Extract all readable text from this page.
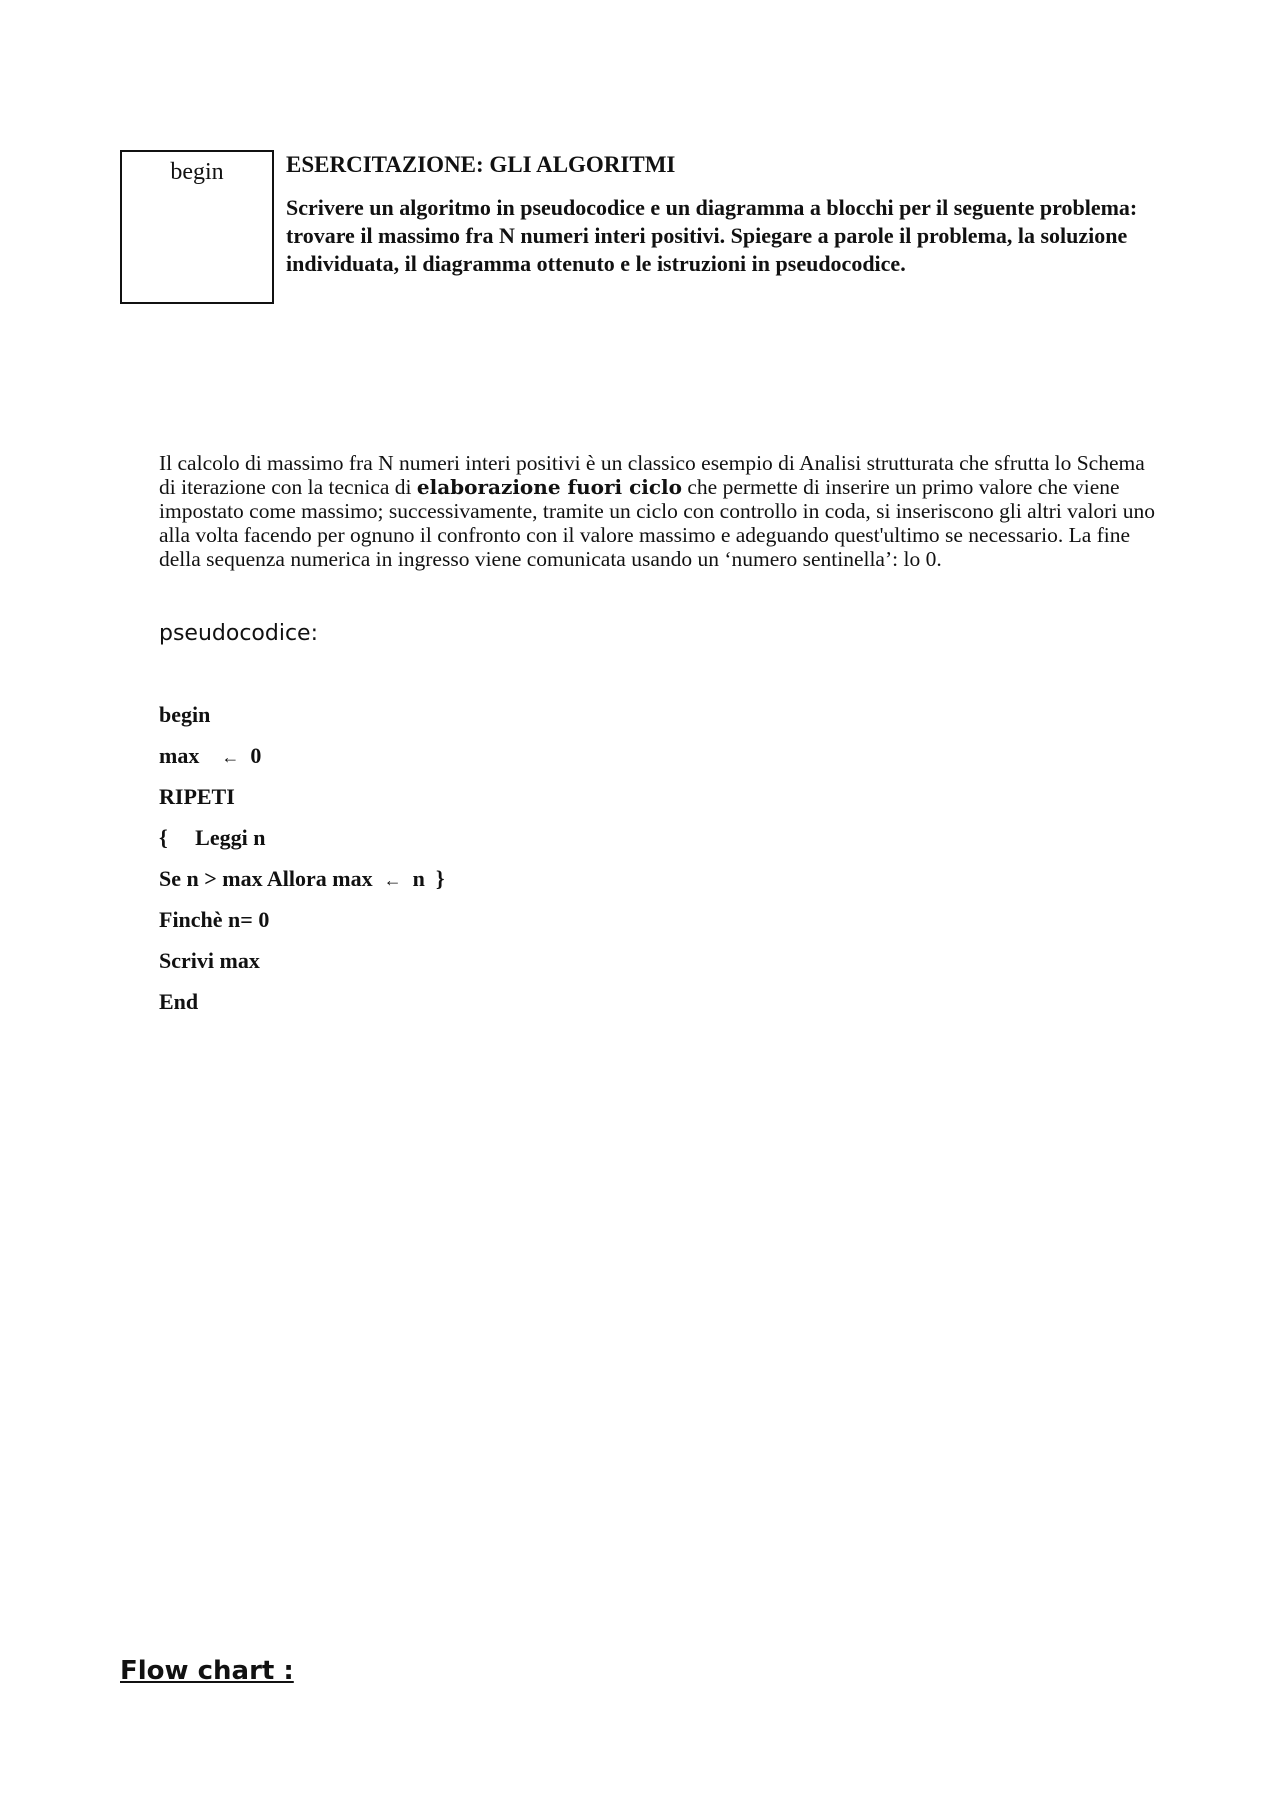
begin	ESERCITAZIONE: GLI ALGORITMI

Scrivere un algoritmo in pseudocodice e un diagramma a blocchi per il seguente problema: trovare il massimo fra N numeri interi positivi. Spiegare a parole il problema, la soluzione individuata, il diagramma ottenuto e le istruzioni in pseudocodice.

Il calcolo di massimo fra N numeri interi positivi è un classico esempio di Analisi strutturata che sfrutta lo Schema di iterazione con la tecnica di elaborazione fuori ciclo che permette di inserire un primo valore che viene impostato come massimo; successivamente, tramite un ciclo con controllo in coda, si inseriscono gli altri valori uno alla volta facendo per ognuno il confronto con il valore massimo e adeguando quest'ultimo se necessario. La fine della sequenza numerica in ingresso viene comunicata usando un ‘numero sentinella’: lo 0.

pseudocodice:
begin
max ← 0
RIPETI
{ Leggi n
Se n > max Allora max ← n }
Finchè n= 0
Scrivi max
End
Flow chart :
